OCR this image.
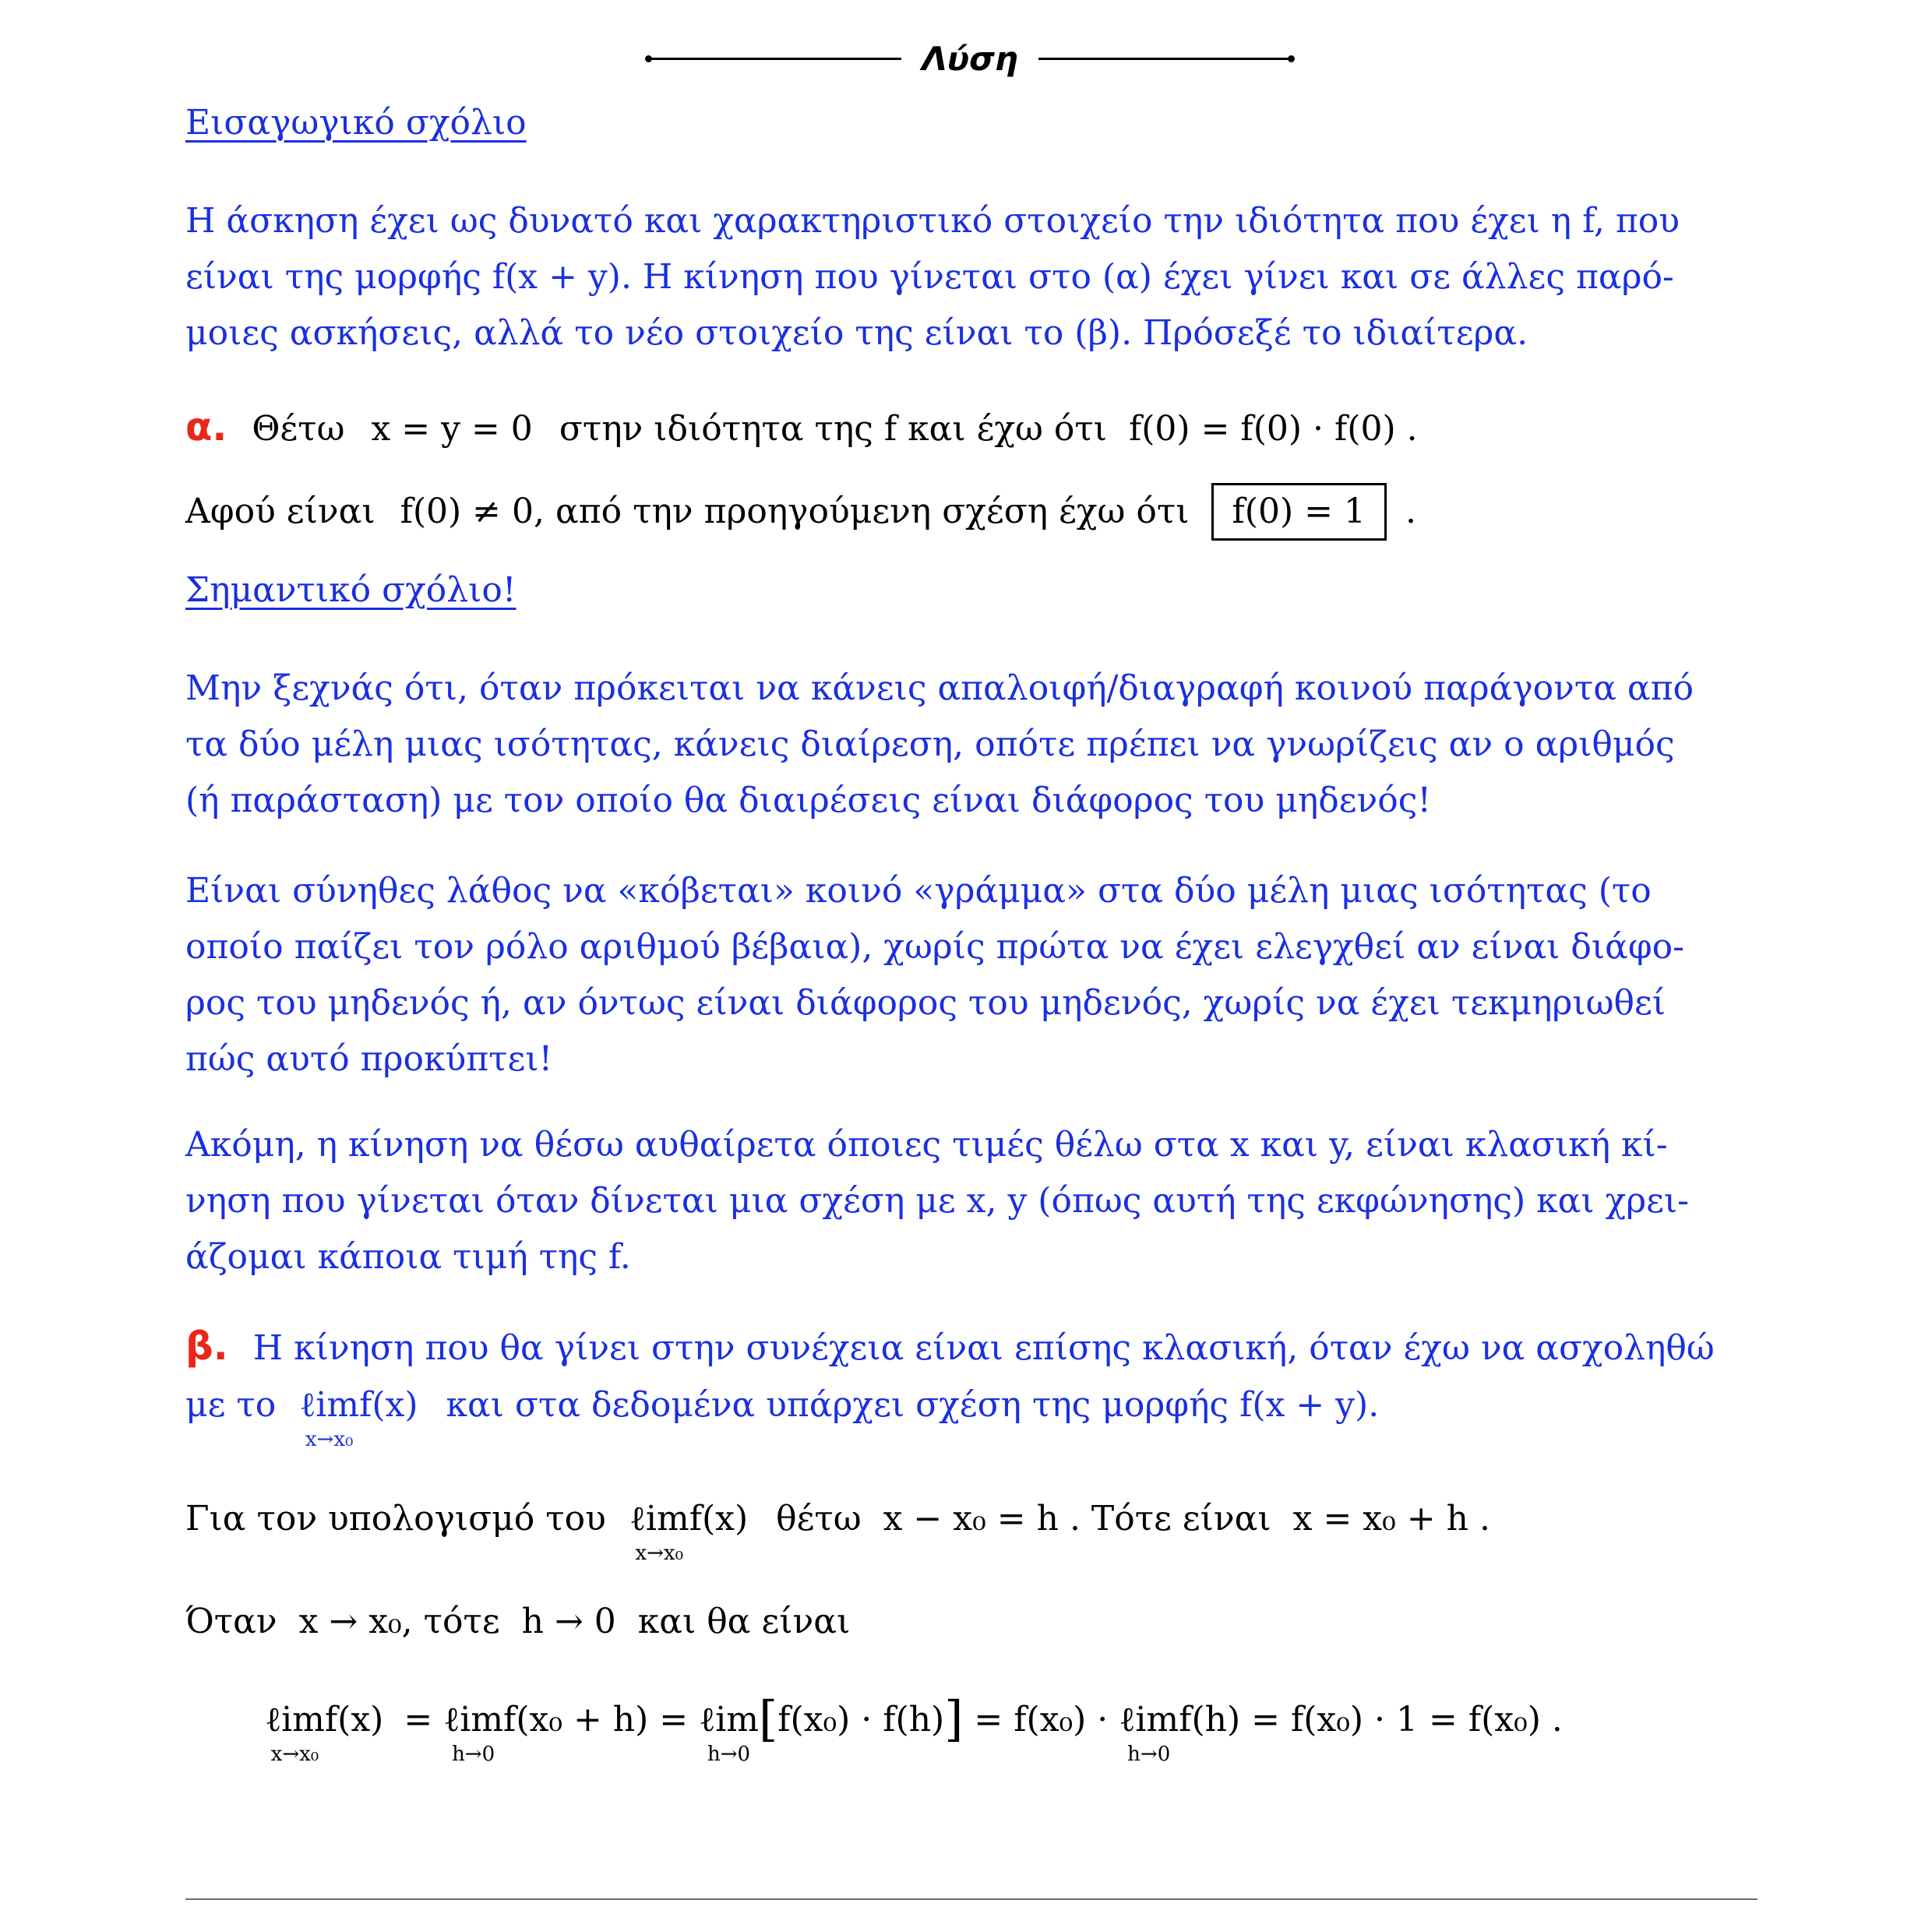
Λύση
Εισαγωγικό σχόλιο
Η άσκηση έχει ως δυνατό και χαρακτηριστικό στοιχείο την ιδιότητα που έχει η f, που
είναι της μορφής f(x + y). Η κίνηση που γίνεται στο (α) έχει γίνει και σε άλλες παρό-
μοιες ασκήσεις, αλλά το νέο στοιχείο της είναι το (β). Πρόσεξέ το ιδιαίτερα.
α. Θέτω x = y = 0 στην ιδιότητα της f και έχω ότι f(0) = f(0) · f(0) .
Αφού είναι f(0) ≠ 0, από την προηγούμενη σχέση έχω ότι f(0) = 1 .
Σημαντικό σχόλιο!
Μην ξεχνάς ότι, όταν πρόκειται να κάνεις απαλοιφή/διαγραφή κοινού παράγοντα από
τα δύο μέλη μιας ισότητας, κάνεις διαίρεση, οπότε πρέπει να γνωρίζεις αν ο αριθμός
(ή παράσταση) με τον οποίο θα διαιρέσεις είναι διάφορος του μηδενός!
Είναι σύνηθες λάθος να «κόβεται» κοινό «γράμμα» στα δύο μέλη μιας ισότητας (το
οποίο παίζει τον ρόλο αριθμού βέβαια), χωρίς πρώτα να έχει ελεγχθεί αν είναι διάφο-
ρος του μηδενός ή, αν όντως είναι διάφορος του μηδενός, χωρίς να έχει τεκμηριωθεί
πώς αυτό προκύπτει!
Ακόμη, η κίνηση να θέσω αυθαίρετα όποιες τιμές θέλω στα x και y, είναι κλασική κί-
νηση που γίνεται όταν δίνεται μια σχέση με x, y (όπως αυτή της εκφώνησης) και χρει-
άζομαι κάποια τιμή της f.
β. Η κίνηση που θα γίνει στην συνέχεια είναι επίσης κλασική, όταν έχω να ασχοληθώ
με το ℓim
x→x₀
f(x) και στα δεδομένα υπάρχει σχέση της μορφής f(x + y).
Για τον υπολογισμό του ℓim
x→x₀
f(x) θέτω x − x₀ = h . Τότε είναι x = x₀ + h .
Όταν x → x₀, τότε h → 0 και θα είναι
ℓim
x→x₀
f(x) = ℓim
h→0
f(x₀ + h) = ℓim
h→0
[f(x₀) · f(h)] = f(x₀) · ℓim
h→0
f(h) = f(x₀) · 1 = f(x₀) .
